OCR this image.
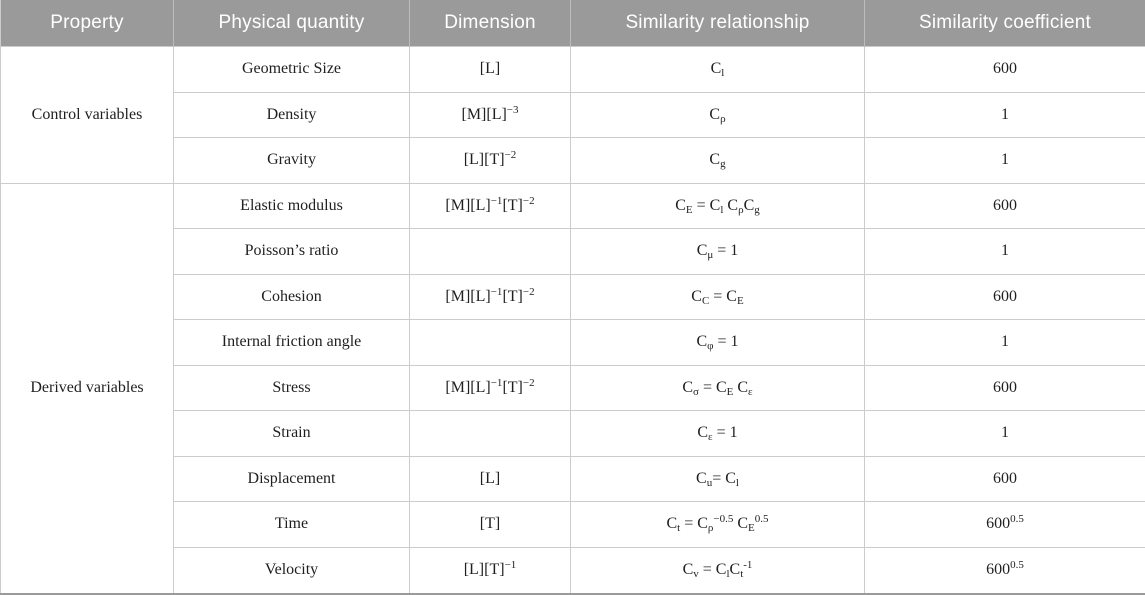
Property	Physical quantity	Dimension	Similarity relationship	Similarity coefficient
Control variables	Geometric Size	[L]	$C_l$	600
	Density	$[M][L]^{-3}$	$C_\rho$	1
	Gravity	$[L][T]^{-2}$	$C_g$	1
Derived variables	Elastic modulus	$[M][L]^{-1}[T]^{-2}$	$C_E = C_l$ $C_\rho C_g$	600
	Poisson’s ratio		$C_\mu = 1$	1
	Cohesion	$[M][L]^{-1}[T]^{-2}$	$C_C = C_E$	600
	Internal friction angle		$C_\varphi = 1$	1
	Stress	$[M][L]^{-1}[T]^{-2}$	$C_\sigma = C_E$ $C_\varepsilon$	600
	Strain		$C_\varepsilon = 1$	1
	Displacement	[L]	$C_u= C_l$	600
	Time	[T]	$C_t = C_\rho^{-0.5}$ $C_E^{0.5}$	$600^{0.5}$
	Velocity	$[L][T]^{-1}$	$C_v = C_lC_t^{-1}$	$600^{0.5}$
